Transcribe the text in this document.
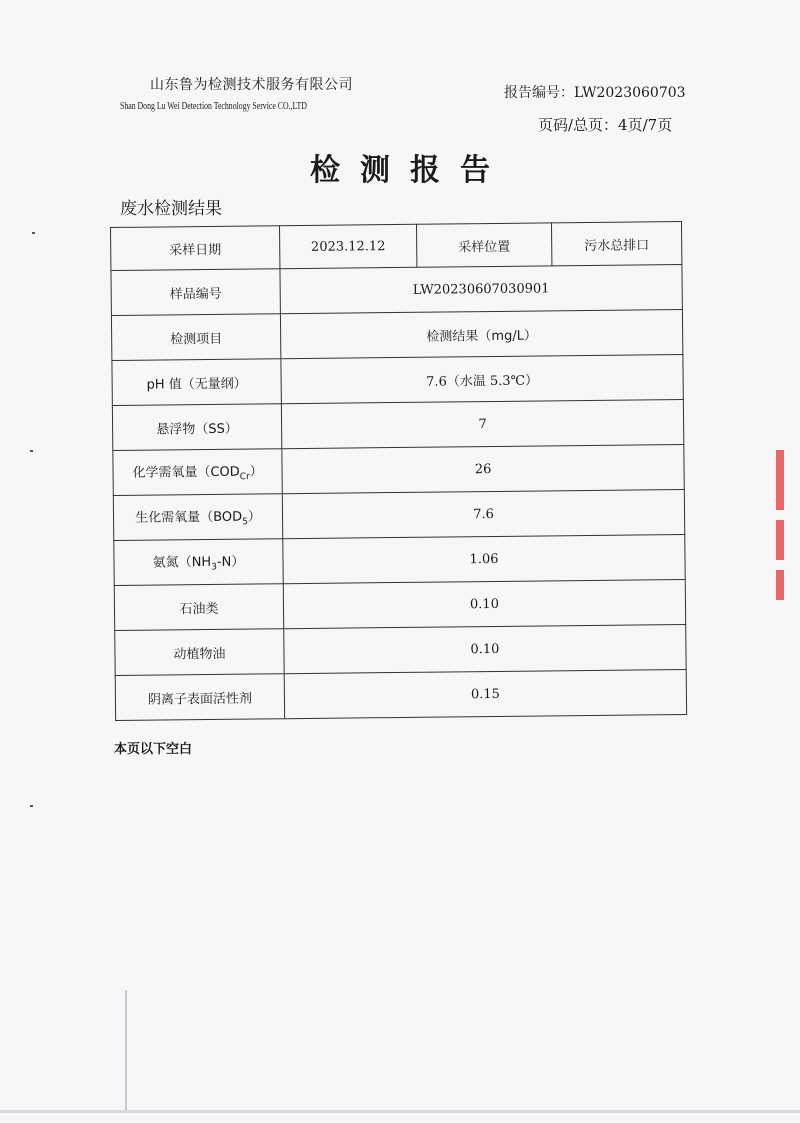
山东鲁为检测技术服务有限公司
Shan Dong Lu Wei Detection Technology Service CO.,LTD
报告编号：LW2023060703
页码/总页：4页/7页
检测报告
废水检测结果
采样日期	2023.12.12	采样位置	污水总排口
样品编号	LW20230607030901		
检测项目	检测结果（mg/L）		
pH 值（无量纲）	7.6（水温 5.3℃）		
悬浮物（SS）	7		
化学需氧量$(COD_{Cr})$	26		
生化需氧量$(BOD_5)$	7.6		
氨氮$(NH_3-N)$	1.06		
石油类	0.10		
动植物油	0.10		
阴离子表面活性剂	0.15		
本页以下空白
